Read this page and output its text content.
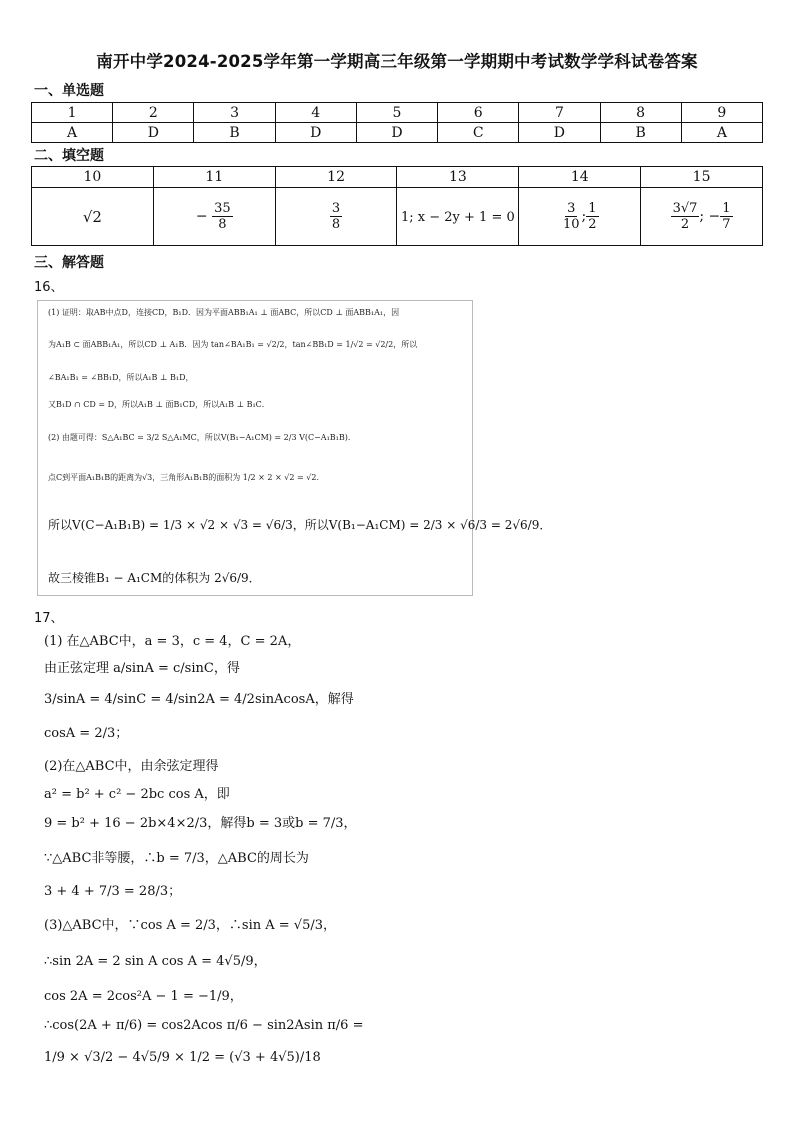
南开中学2024-2025学年第一学期高三年级第一学期期中考试数学学科试卷答案
一、单选题
1	2	3	4	5	6	7	8	9
A	D	B	D	D	C	D	B	A
二、填空题
10	11	12	13	14	15
√2	− $\frac{35}{8}$	$\frac{3}{8}$	1; x − 2y + 1 = 0	$\frac{3}{10}$ ; $\frac{1}{2}$	$\frac{3√7}{2}$ ; − $\frac{1}{7}$
三、解答题
16、
(1) 证明：取AB中点D，连接CD，B₁D．因为平面ABB₁A₁ ⊥ 面ABC，所以CD ⊥ 面ABB₁A₁，因
为A₁B ⊂ 面ABB₁A₁，所以CD ⊥ A₁B．因为 tan∠BA₁B₁ = √2/2，tan∠BB₁D = 1/√2 = √2/2，所以
∠BA₁B₁ = ∠BB₁D，所以A₁B ⊥ B₁D，
又B₁D ∩ CD = D，所以A₁B ⊥ 面B₁CD，所以A₁B ⊥ B₁C．
(2) 由题可得：S△A₁BC = 3/2 S△A₁MC，所以V(B₁−A₁CM) = 2/3 V(C−A₁B₁B)．
点C到平面A₁B₁B的距离为√3，三角形A₁B₁B的面积为 1/2 × 2 × √2 = √2．
所以V(C−A₁B₁B) = 1/3 × √2 × √3 = √6/3，所以V(B₁−A₁CM) = 2/3 × √6/3 = 2√6/9．
故三棱锥B₁ − A₁CM的体积为 2√6/9．
17、
(1) 在△ABC中，a = 3，c = 4，C = 2A，
由正弦定理 a/sinA = c/sinC，得
3/sinA = 4/sinC = 4/sin2A = 4/2sinAcosA，解得
cosA = 2/3；
(2)在△ABC中，由余弦定理得
a² = b² + c² − 2bc cos A，即
9 = b² + 16 − 2b×4×2/3，解得b = 3或b = 7/3，
∵△ABC非等腰，∴b = 7/3，△ABC的周长为
3 + 4 + 7/3 = 28/3；
(3)△ABC中，∵cos A = 2/3，∴sin A = √5/3，
∴sin 2A = 2 sin A cos A = 4√5/9，
cos 2A = 2cos²A − 1 = −1/9，
∴cos(2A + π/6) = cos2Acos π/6 − sin2Asin π/6 =
1/9 × √3/2 − 4√5/9 × 1/2 = (√3 + 4√5)/18
